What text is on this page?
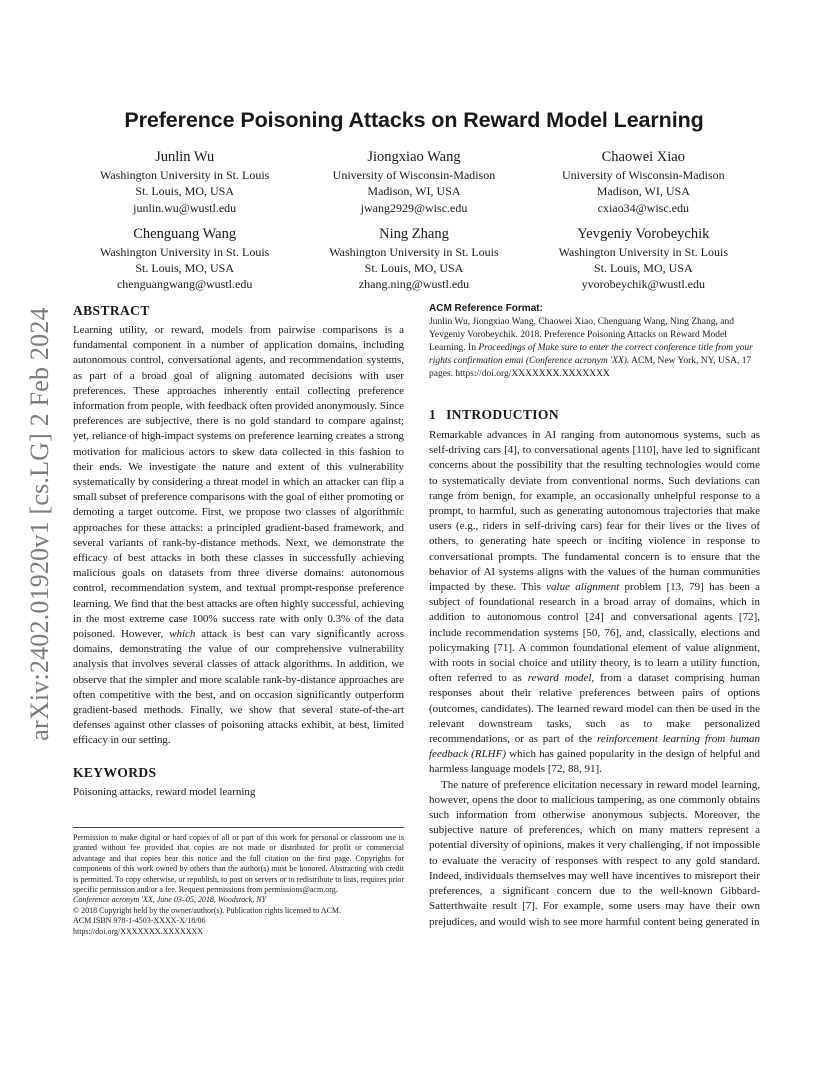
arXiv:2402.01920v1 [cs.LG] 2 Feb 2024
Preference Poisoning Attacks on Reward Model Learning
Junlin Wu
Washington University in St. Louis
St. Louis, MO, USA
junlin.wu@wustl.edu
Jiongxiao Wang
University of Wisconsin-Madison
Madison, WI, USA
jwang2929@wisc.edu
Chaowei Xiao
University of Wisconsin-Madison
Madison, WI, USA
cxiao34@wisc.edu
Chenguang Wang
Washington University in St. Louis
St. Louis, MO, USA
chenguangwang@wustl.edu
Ning Zhang
Washington University in St. Louis
St. Louis, MO, USA
zhang.ning@wustl.edu
Yevgeniy Vorobeychik
Washington University in St. Louis
St. Louis, MO, USA
yvorobeychik@wustl.edu
ABSTRACT

Learning utility, or reward, models from pairwise comparisons is a fundamental component in a number of application domains, including autonomous control, conversational agents, and recommendation systems, as part of a broad goal of aligning automated decisions with user preferences. These approaches inherently entail collecting preference information from people, with feedback often provided anonymously. Since preferences are subjective, there is no gold standard to compare against; yet, reliance of high-impact systems on preference learning creates a strong motivation for malicious actors to skew data collected in this fashion to their ends. We investigate the nature and extent of this vulnerability systematically by considering a threat model in which an attacker can flip a small subset of preference comparisons with the goal of either promoting or demoting a target outcome. First, we propose two classes of algorithmic approaches for these attacks: a principled gradient-based framework, and several variants of rank-by-distance methods. Next, we demonstrate the efficacy of best attacks in both these classes in successfully achieving malicious goals on datasets from three diverse domains: autonomous control, recommendation system, and textual prompt-response preference learning. We find that the best attacks are often highly successful, achieving in the most extreme case 100% success rate with only 0.3% of the data poisoned. However, which attack is best can vary significantly across domains, demonstrating the value of our comprehensive vulnerability analysis that involves several classes of attack algorithms. In addition, we observe that the simpler and more scalable rank-by-distance approaches are often competitive with the best, and on occasion significantly outperform gradient-based methods. Finally, we show that several state-of-the-art defenses against other classes of poisoning attacks exhibit, at best, limited efficacy in our setting.

KEYWORDS

Poisoning attacks, reward model learning

Permission to make digital or hard copies of all or part of this work for personal or classroom use is granted without fee provided that copies are not made or distributed for profit or commercial advantage and that copies bear this notice and the full citation on the first page. Copyrights for components of this work owned by others than the author(s) must be honored. Abstracting with credit is permitted. To copy otherwise, or republish, to post on servers or to redistribute to lists, requires prior specific permission and/or a fee. Request permissions from permissions@acm.org.
Conference acronym 'XX, June 03–05, 2018, Woodstock, NY
© 2018 Copyright held by the owner/author(s). Publication rights licensed to ACM.
ACM ISBN 978-1-4503-XXXX-X/18/06
https://doi.org/XXXXXXX.XXXXXXX
ACM Reference Format:

Junlin Wu, Jiongxiao Wang, Chaowei Xiao, Chenguang Wang, Ning Zhang, and Yevgeniy Vorobeychik. 2018. Preference Poisoning Attacks on Reward Model Learning. In Proceedings of Make sure to enter the correct conference title from your rights confirmation emai (Conference acronym 'XX). ACM, New York, NY, USA, 17 pages. https://doi.org/XXXXXXX.XXXXXXX

1 INTRODUCTION

Remarkable advances in AI ranging from autonomous systems, such as self-driving cars [4], to conversational agents [110], have led to significant concerns about the possibility that the resulting technologies would come to systematically deviate from conventional norms. Such deviations can range from benign, for example, an occasionally unhelpful response to a prompt, to harmful, such as generating autonomous trajectories that make users (e.g., riders in self-driving cars) fear for their lives or the lives of others, to generating hate speech or inciting violence in response to conversational prompts. The fundamental concern is to ensure that the behavior of AI systems aligns with the values of the human communities impacted by these. This value alignment problem [13, 79] has been a subject of foundational research in a broad array of domains, which in addition to autonomous control [24] and conversational agents [72], include recommendation systems [50, 76], and, classically, elections and policymaking [71]. A common foundational element of value alignment, with roots in social choice and utility theory, is to learn a utility function, often referred to as reward model, from a dataset comprising human responses about their relative preferences between pairs of options (outcomes, candidates). The learned reward model can then be used in the relevant downstream tasks, such as to make personalized recommendations, or as part of the reinforcement learning from human feedback (RLHF) which has gained popularity in the design of helpful and harmless language models [72, 88, 91].

The nature of preference elicitation necessary in reward model learning, however, opens the door to malicious tampering, as one commonly obtains such information from otherwise anonymous subjects. Moreover, the subjective nature of preferences, which on many matters represent a potential diversity of opinions, makes it very challenging, if not impossible to evaluate the veracity of responses with respect to any gold standard. Indeed, individuals themselves may well have incentives to misreport their preferences, a significant concern due to the well-known Gibbard-Satterthwaite result [7]. For example, some users may have their own prejudices, and would wish to see more harmful content being generated in
